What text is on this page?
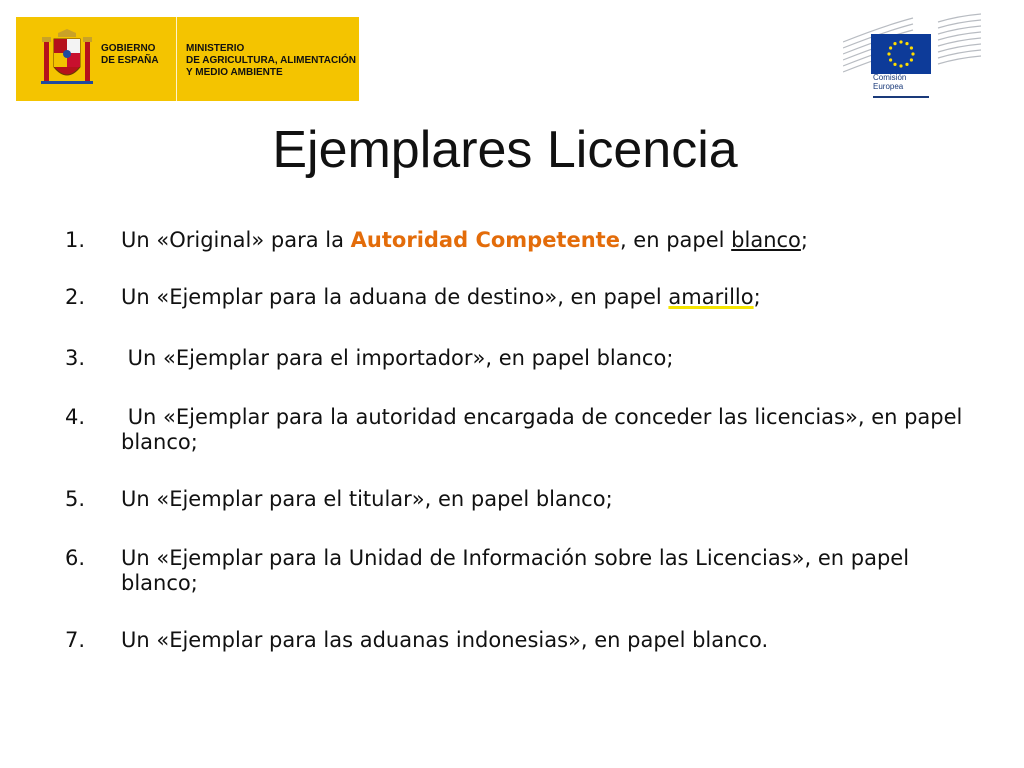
GOBIERNO
DE ESPAÑA
MINISTERIO
DE AGRICULTURA, ALIMENTACIÓN
Y MEDIO AMBIENTE	Comisión
Europea
Ejemplares Licencia
1.	Un «Original» para la Autoridad Competente, en papel blanco;
2.	Un «Ejemplar para la aduana de destino», en papel amarillo;
3.	Un «Ejemplar para el importador», en papel blanco;
4.	Un «Ejemplar para la autoridad encargada de conceder las licencias», en papel blanco;
5.	Un «Ejemplar para el titular», en papel blanco;
6.	Un «Ejemplar para la Unidad de Información sobre las Licencias», en papel blanco;
7.	Un «Ejemplar para las aduanas indonesias», en papel blanco.
